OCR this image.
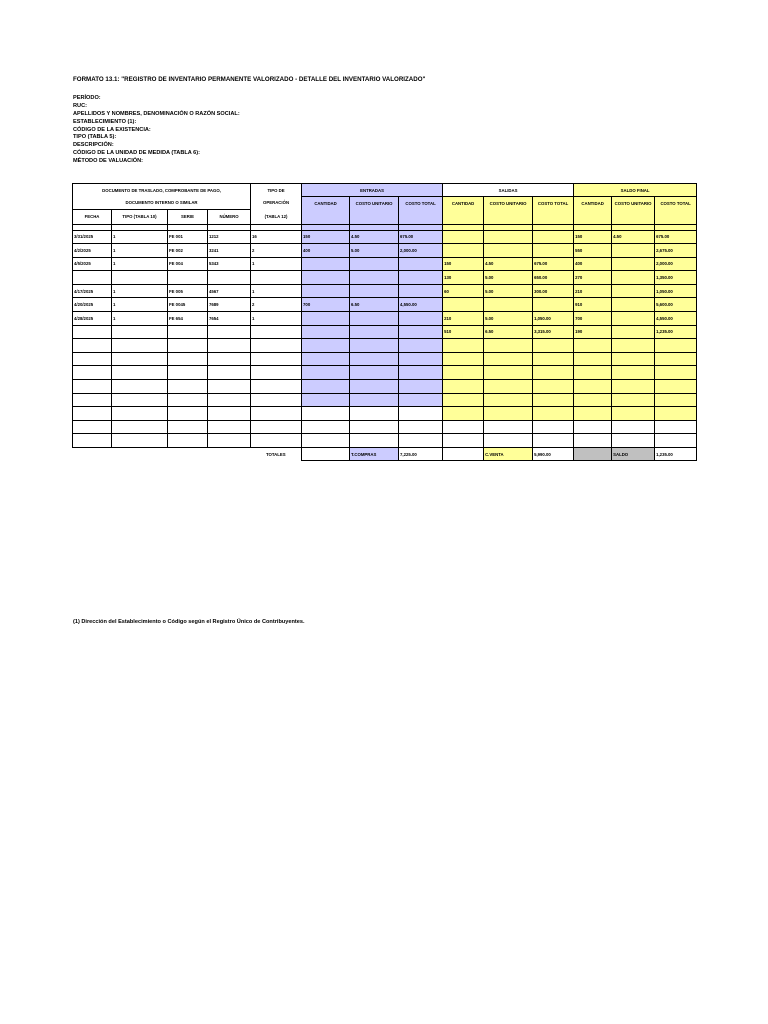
FORMATO 13.1: "REGISTRO DE INVENTARIO PERMANENTE VALORIZADO - DETALLE DEL INVENTARIO VALORIZADO"
PERÍODO:
RUC:
APELLIDOS Y NOMBRES, DENOMINACIÓN O RAZÓN SOCIAL:
ESTABLECIMIENTO (1):
CÓDIGO DE LA EXISTENCIA:
TIPO (TABLA 5):
DESCRIPCIÓN:
CÓDIGO DE LA UNIDAD DE MEDIDA (TABLA 6):
MÉTODO DE VALUACIÓN:
DOCUMENTO DE TRASLADO, COMPROBANTE DE PAGO,				TIPO DE	ENTRADAS			SALIDAS			SALDO FINAL		
DOCUMENTO INTERNO O SIMILAR				OPERACIÓN	CANTIDAD	COSTO UNITARIO	COSTO TOTAL	CANTIDAD	COSTO UNITARIO	COSTO TOTAL	CANTIDAD	COSTO UNITARIO	COSTO TOTAL
FECHA	TIPO (TABLA 10)	SERIE	NÚMERO	(TABLA 12)									

3/31/2025	1	FE 001	1212	16	150	4.50	675.00				150	4.50	675.00
4/2/2025	1	FE 002	3241	2	400	5.00	2,000.00				550		2,675.00
4/5/2025	1	FE 004	5343	1				150	4.50	675.00	400		2,000.00
								130	5.00	650.00	270		1,350.00
4/17/2025	1	FE 005	4567	1				60	5.00	300.00	210		1,050.00
4/20/2025	1	FE 0045	7689	2	700	6.50	4,550.00				910		5,600.00
4/28/2025	1	FE 654	7654	1				210	5.00	1,050.00	700		4,550.00
								510	6.50	3,315.00	190		1,235.00

				TOTALES		T.COMPRAS	7,225.00		C.VENTA	5,990.00		SALDO	1,235.00
(1) Dirección del Establecimiento o Código según el Registro Único de Contribuyentes.
